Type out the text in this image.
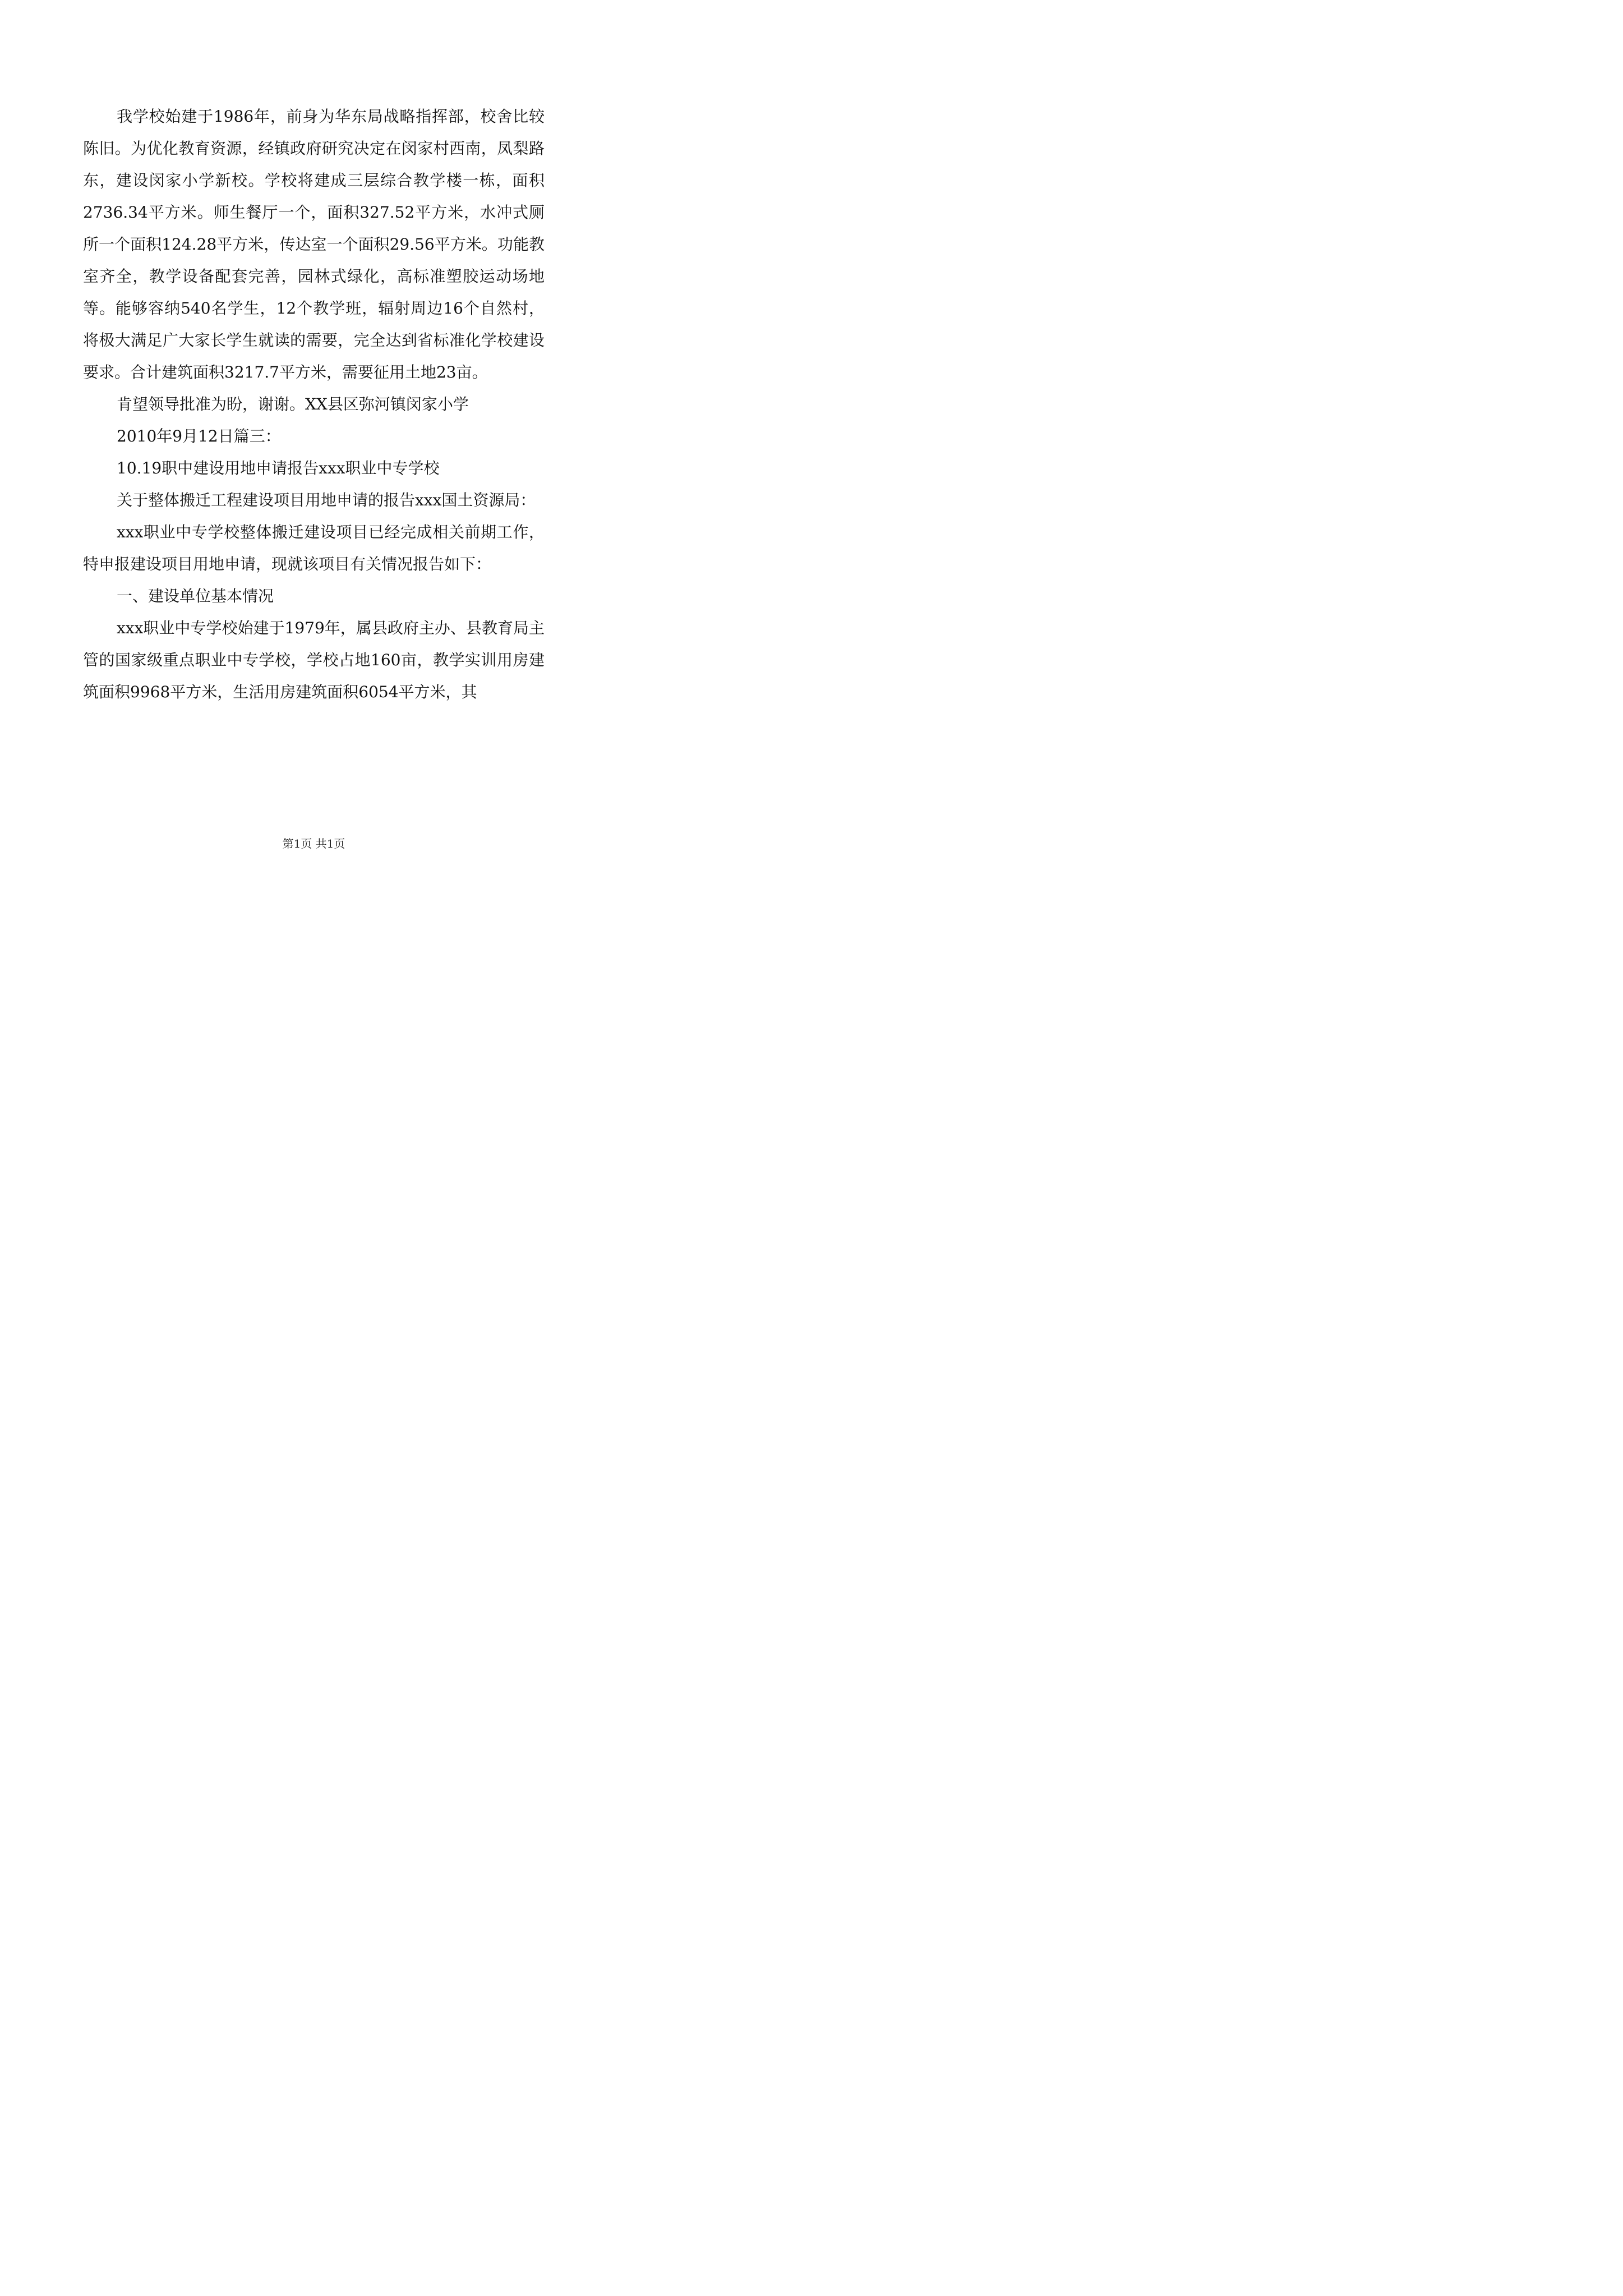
我学校始建于1986年，前身为华东局战略指挥部，校舍比较陈旧。为优化教育资源，经镇政府研究决定在闵家村西南，凤梨路东，建设闵家小学新校。学校将建成三层综合教学楼一栋，面积2736.34平方米。师生餐厅一个，面积327.52平方米，水冲式厕所一个面积124.28平方米，传达室一个面积29.56平方米。功能教室齐全，教学设备配套完善，园林式绿化，高标准塑胶运动场地等。能够容纳540名学生，12个教学班，辐射周边16个自然村，将极大满足广大家长学生就读的需要，完全达到省标准化学校建设要求。合计建筑面积3217.7平方米，需要征用土地23亩。

肯望领导批准为盼，谢谢。XX县区弥河镇闵家小学

2010年9月12日篇三：

10.19职中建设用地申请报告xxx职业中专学校

关于整体搬迁工程建设项目用地申请的报告xxx国土资源局：

xxx职业中专学校整体搬迁建设项目已经完成相关前期工作，特申报建设项目用地申请，现就该项目有关情况报告如下：

一、建设单位基本情况

xxx职业中专学校始建于1979年，属县政府主办、县教育局主管的国家级重点职业中专学校，学校占地160亩，教学实训用房建筑面积9968平方米，生活用房建筑面积6054平方米，其

第1页 共1页
